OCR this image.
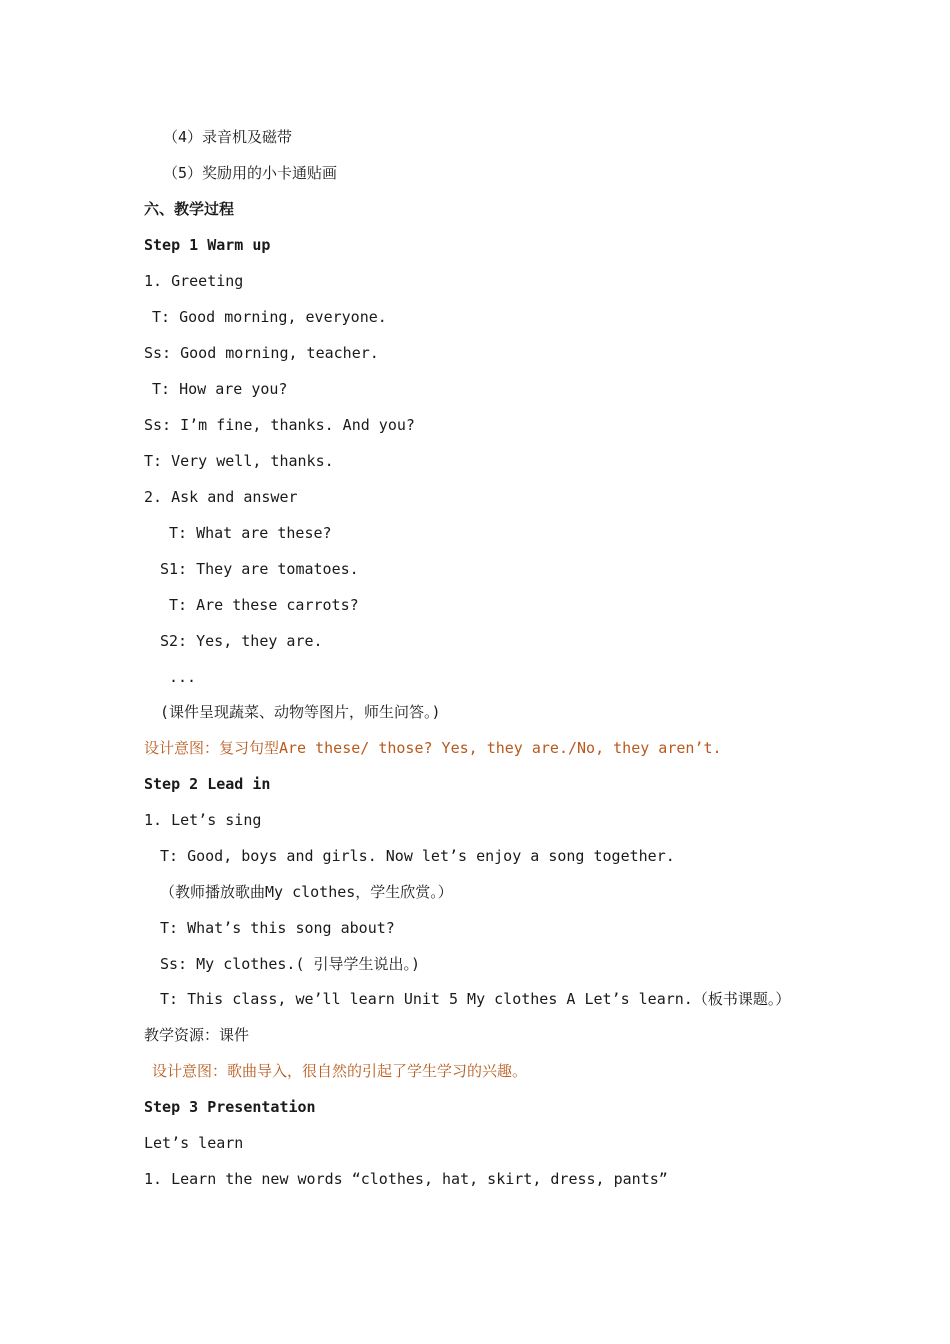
（4）录音机及磁带
（5）奖励用的小卡通贴画
六、教学过程
Step 1 Warm up
1. Greeting
T: Good morning, everyone.
Ss: Good morning, teacher.
T: How are you?
Ss: I’m fine, thanks. And you?
T: Very well, thanks.
2. Ask and answer
T: What are these?
S1: They are tomatoes.
T: Are these carrots?
S2: Yes, they are.
...
(课件呈现蔬菜、动物等图片，师生问答。)
设计意图：复习句型Are these/ those? Yes, they are./No, they aren’t.
Step 2 Lead in
1. Let’s sing
T: Good, boys and girls. Now let’s enjoy a song together.
（教师播放歌曲My clothes，学生欣赏。）
T: What’s this song about?
Ss: My clothes.( 引导学生说出。)
T: This class, we’ll learn Unit 5 My clothes A Let’s learn.（板书课题。）
教学资源：课件
设计意图：歌曲导入，很自然的引起了学生学习的兴趣。
Step 3 Presentation
Let’s learn
1. Learn the new words “clothes, hat, skirt, dress, pants”
